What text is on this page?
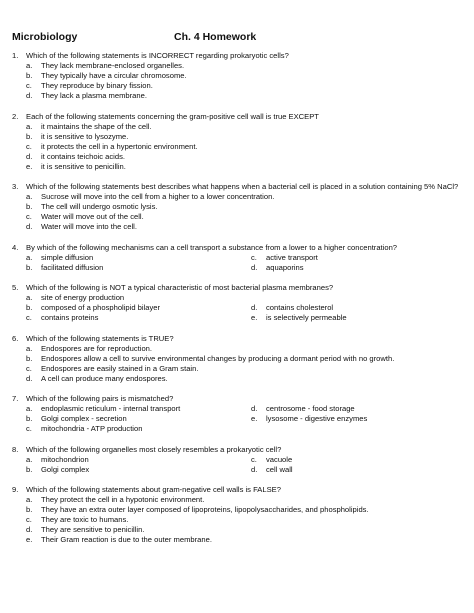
Microbiology	Ch. 4 Homework
1.	Which of the following statements is INCORRECT regarding prokaryotic cells?
a.	They lack membrane-enclosed organelles.
b.	They typically have a circular chromosome.
c.	They reproduce by binary fission.
d.	They lack a plasma membrane.
2.	Each of the following statements concerning the gram-positive cell wall is true EXCEPT
a.	it maintains the shape of the cell.
b.	it is sensitive to lysozyme.
c.	it protects the cell in a hypertonic environment.
d.	it contains teichoic acids.
e.	it is sensitive to penicillin.
3.	Which of the following statements best describes what happens when a bacterial cell is placed in a solution containing 5% NaCl?
a.	Sucrose will move into the cell from a higher to a lower concentration.
b.	The cell will undergo osmotic lysis.
c.	Water will move out of the cell.
d.	Water will move into the cell.
4.	By which of the following mechanisms can a cell transport a substance from a lower to a higher concentration?
a.	simple diffusion	c.	active transport
b.	facilitated diffusion	d.	aquaporins
5.	Which of the following is NOT a typical characteristic of most bacterial plasma membranes?
a.	site of energy production
b.	composed of a phospholipid bilayer	d.	contains cholesterol
c.	contains proteins	e.	is selectively permeable
6.	Which of the following statements is TRUE?
a.	Endospores are for reproduction.
b.	Endospores allow a cell to survive environmental changes by producing a dormant period with no growth.
c.	Endospores are easily stained in a Gram stain.
d.	A cell can produce many endospores.
7.	Which of the following pairs is mismatched?
a.	endoplasmic reticulum - internal transport	d.	centrosome - food storage
b.	Golgi complex - secretion	e.	lysosome - digestive enzymes
c.	mitochondria - ATP production
8.	Which of the following organelles most closely resembles a prokaryotic cell?
a.	mitochondrion	c.	vacuole
b.	Golgi complex	d.	cell wall
9.	Which of the following statements about gram-negative cell walls is FALSE?
a.	They protect the cell in a hypotonic environment.
b.	They have an extra outer layer composed of lipoproteins, lipopolysaccharides, and phospholipids.
c.	They are toxic to humans.
d.	They are sensitive to penicillin.
e.	Their Gram reaction is due to the outer membrane.
